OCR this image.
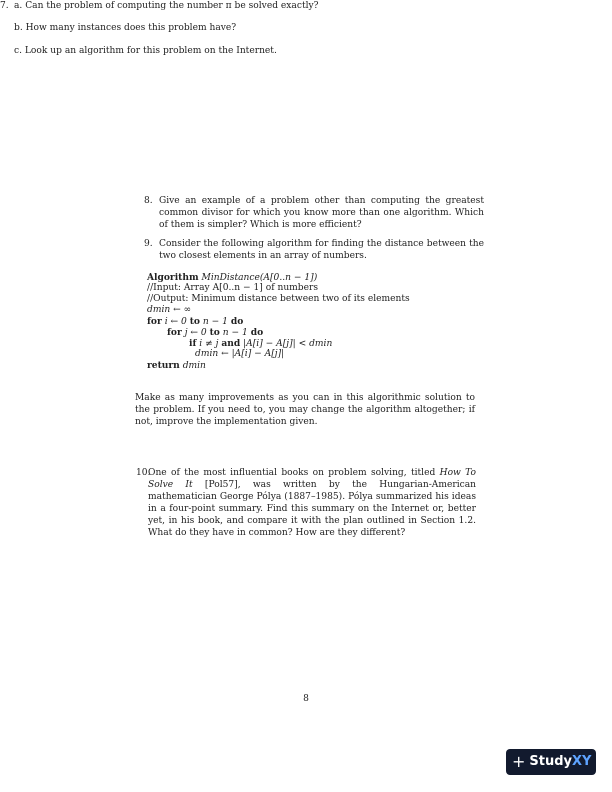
7. a. Can the problem of computing the number π be solved exactly?
b. How many instances does this problem have?
c. Look up an algorithm for this problem on the Internet.
8. Give an example of a problem other than computing the greatest common divisor for which you know more than one algorithm. Which of them is simpler? Which is more efficient?
9. Consider the following algorithm for finding the distance between the two closest elements in an array of numbers.
Algorithm MinDistance(A[0..n − 1])
//Input: Array A[0..n − 1] of numbers
//Output: Minimum distance between two of its elements
dmin ← ∞
for i ← 0 to n − 1 do
for j ← 0 to n − 1 do
if i ≠ j and |A[i] − A[j]| < dmin
dmin ← |A[i] − A[j]|
return dmin
Make as many improvements as you can in this algorithmic solution to the problem. If you need to, you may change the algorithm altogether; if not, improve the implementation given.
10.
One of the most influential books on problem solving, titled How To Solve It [Pol57], was written by the Hungarian-American mathematician George Pólya (1887–1985). Pólya summarized his ideas in a four-point summary. Find this summary on the Internet or, better yet, in his book, and compare it with the plan outlined in Section 1.2. What do they have in common? How are they different?
8
+ StudyXY
